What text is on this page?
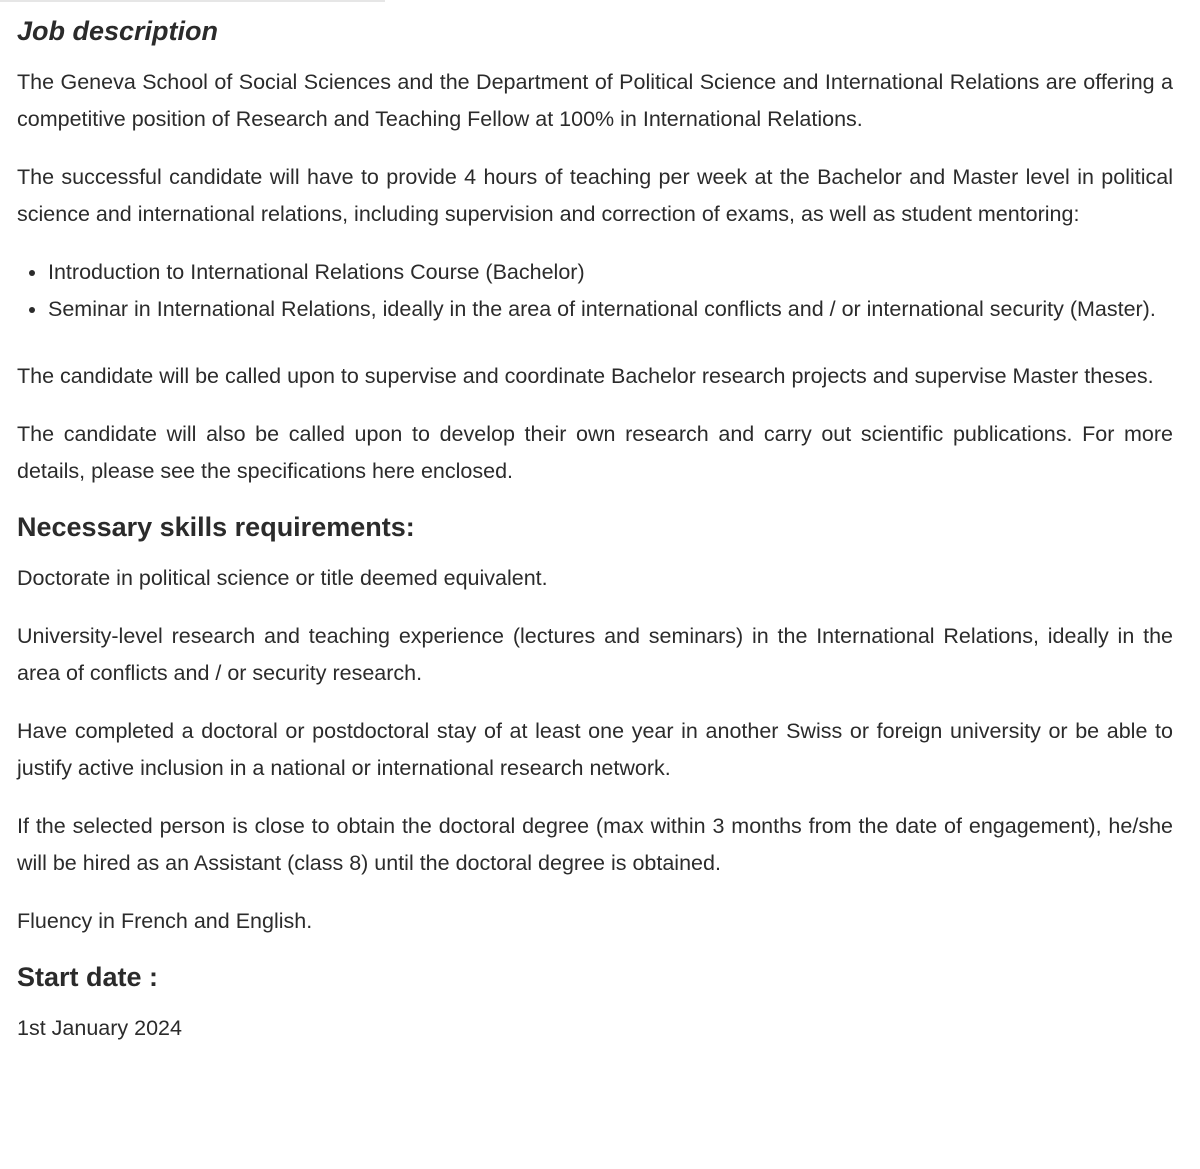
Job description

The Geneva School of Social Sciences and the Department of Political Science and International Relations are offering a competitive position of Research and Teaching Fellow at 100% in International Relations.

The successful candidate will have to provide 4 hours of teaching per week at the Bachelor and Master level in political science and international relations, including supervision and correction of exams, as well as student mentoring:

• Introduction to International Relations Course (Bachelor)
• Seminar in International Relations, ideally in the area of international conflicts and / or international security (Master).

The candidate will be called upon to supervise and coordinate Bachelor research projects and supervise Master theses.

The candidate will also be called upon to develop their own research and carry out scientific publications. For more details, please see the specifications here enclosed.

Necessary skills requirements:

Doctorate in political science or title deemed equivalent.

University-level research and teaching experience (lectures and seminars) in the International Relations, ideally in the area of conflicts and / or security research.

Have completed a doctoral or postdoctoral stay of at least one year in another Swiss or foreign university or be able to justify active inclusion in a national or international research network.

If the selected person is close to obtain the doctoral degree (max within 3 months from the date of engagement), he/she will be hired as an Assistant (class 8) until the doctoral degree is obtained.

Fluency in French and English.

Start date :

1st January 2024
